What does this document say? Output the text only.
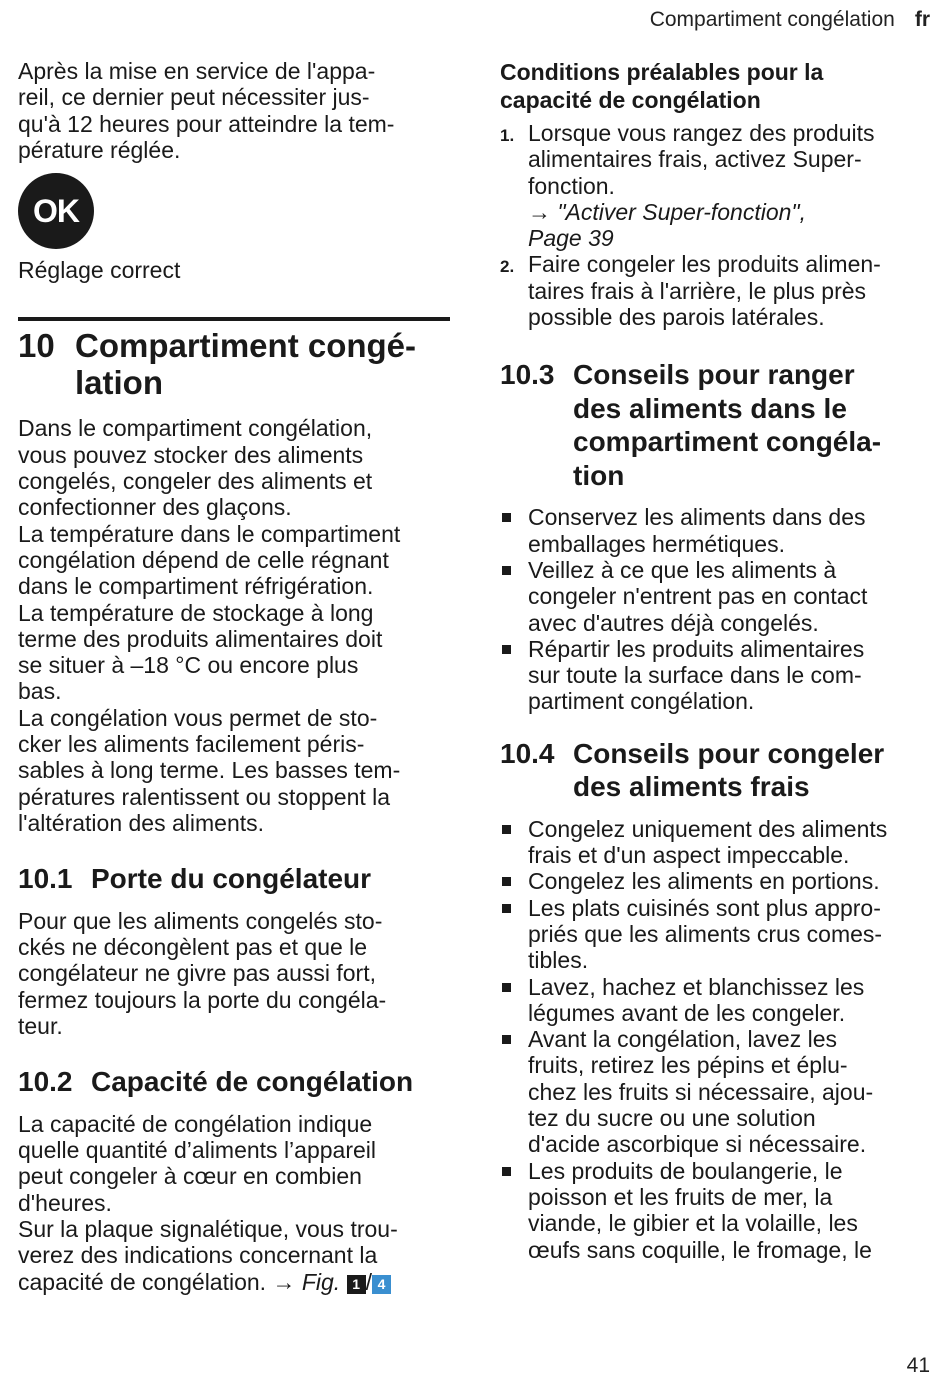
Compartiment congélation fr

Après la mise en service de l'appa-
reil, ce dernier peut nécessiter jus-
qu'à 12 heures pour atteindre la tem-
pérature réglée.

OK

Réglage correct

10 Compartiment congé-
lation

Dans le compartiment congélation,
vous pouvez stocker des aliments
congelés, congeler des aliments et
confectionner des glaçons.

La température dans le compartiment
congélation dépend de celle régnant
dans le compartiment réfrigération.

La température de stockage à long
terme des produits alimentaires doit
se situer à –18 °C ou encore plus
bas.

La congélation vous permet de sto-
cker les aliments facilement péris-
sables à long terme. Les basses tem-
pératures ralentissent ou stoppent la
l'altération des aliments.

10.1 Porte du congélateur

Pour que les aliments congelés sto-
ckés ne décongèlent pas et que le
congélateur ne givre pas aussi fort,
fermez toujours la porte du congéla-
teur.

10.2 Capacité de congélation

La capacité de congélation indique
quelle quantité d’aliments l’appareil
peut congeler à cœur en combien
d'heures.

Sur la plaque signalétique, vous trou-
verez des indications concernant la
capacité de congélation. → Fig. 1 / 4

Conditions préalables pour la
capacité de congélation
1. Lorsque vous rangez des produits
alimentaires frais, activez Super-
fonction.
→ "Activer Super-fonction",
Page 39
2. Faire congeler les produits alimen-
taires frais à l'arrière, le plus près
possible des parois latérales.
10.3 Conseils pour ranger
des aliments dans le
compartiment congéla-
tion
Conservez les aliments dans des
emballages hermétiques.
Veillez à ce que les aliments à
congeler n'entrent pas en contact
avec d'autres déjà congelés.
Répartir les produits alimentaires
sur toute la surface dans le com-
partiment congélation.
10.4 Conseils pour congeler
des aliments frais
Congelez uniquement des aliments
frais et d'un aspect impeccable.
Congelez les aliments en portions.
Les plats cuisinés sont plus appro-
priés que les aliments crus comes-
tibles.
Lavez, hachez et blanchissez les
légumes avant de les congeler.
Avant la congélation, lavez les
fruits, retirez les pépins et éplu-
chez les fruits si nécessaire, ajou-
tez du sucre ou une solution
d'acide ascorbique si nécessaire.
Les produits de boulangerie, le
poisson et les fruits de mer, la
viande, le gibier et la volaille, les
œufs sans coquille, le fromage, le
41
